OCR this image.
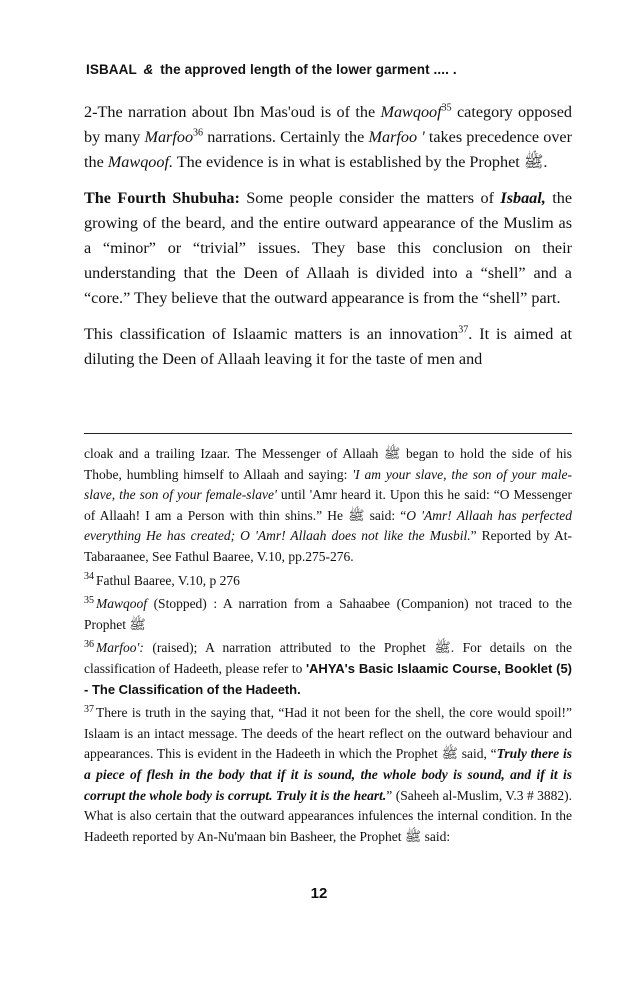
ISBAAL & the approved length of the lower garment .... .

2-The narration about Ibn Mas'oud is of the Mawqoof$^{35}$ category opposed by many Marfoo$^{36}$ narrations. Certainly the Marfoo ' takes precedence over the Mawqoof. The evidence is in what is established by the Prophet ﷺ.

The Fourth Shubuha: Some people consider the matters of Isbaal, the growing of the beard, and the entire outward appearance of the Muslim as a “minor” or “trivial” issues. They base this conclusion on their understanding that the Deen of Allaah is divided into a “shell” and a “core.” They believe that the outward appearance is from the “shell” part.

This classification of Islaamic matters is an innovation$^{37}$. It is aimed at diluting the Deen of Allaah leaving it for the taste of men and

cloak and a trailing Izaar. The Messenger of Allaah ﷺ began to hold the side of his Thobe, humbling himself to Allaah and saying: 'I am your slave, the son of your male-slave, the son of your female-slave' until 'Amr heard it. Upon this he said: “O Messenger of Allaah! I am a Person with thin shins.” He ﷺ said: “O 'Amr! Allaah has perfected everything He has created; O 'Amr! Allaah does not like the Musbil.” Reported by At-Tabaraanee, See Fathul Baaree, V.10, pp.275-276.

$^{34}$ Fathul Baaree, V.10, p 276

$^{35}$ Mawqoof (Stopped) : A narration from a Sahaabee (Companion) not traced to the Prophet ﷺ

$^{36}$ Marfoo': (raised); A narration attributed to the Prophet ﷺ. For details on the classification of Hadeeth, please refer to 'AHYA's Basic Islaamic Course, Booklet (5) - The Classification of the Hadeeth.

$^{37}$ There is truth in the saying that, “Had it not been for the shell, the core would spoil!” Islaam is an intact message. The deeds of the heart reflect on the outward behaviour and appearances. This is evident in the Hadeeth in which the Prophet ﷺ said, “Truly there is a piece of flesh in the body that if it is sound, the whole body is sound, and if it is corrupt the whole body is corrupt. Truly it is the heart.” (Saheeh al-Muslim, V.3 # 3882). What is also certain that the outward appearances infulences the internal condition. In the Hadeeth reported by An-Nu'maan bin Basheer, the Prophet ﷺ said:

12
